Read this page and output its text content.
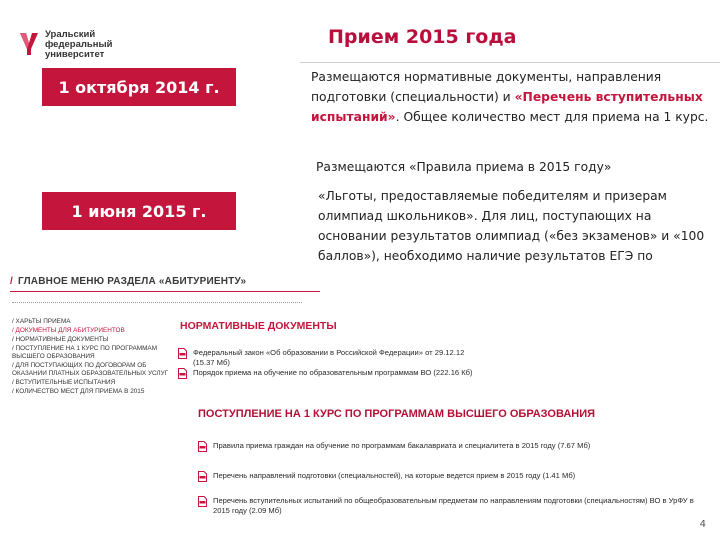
Уральский
федеральный
университет
Прием 2015 года
1 октября 2014 г.
1 июня 2015 г.
Размещаются нормативные документы, направления подготовки (специальности) и «Перечень вступительных испытаний». Общее количество мест для приема на 1 курс.
Размещаются «Правила приема в 2015 году»
«Льготы, предоставляемые победителям и призерам олимпиад школьников». Для лиц, поступающих на основании результатов олимпиад («без экзаменов» и «100 баллов»), необходимо наличие результатов ЕГЭ по
/ ГЛАВНОЕ МЕНЮ РАЗДЕЛА «АБИТУРИЕНТУ»
/ ХАРЬТЫ ПРИЕМА
/ ДОКУМЕНТЫ ДЛЯ АБИТУРИЕНТОВ
/ НОРМАТИВНЫЕ ДОКУМЕНТЫ
/ ПОСТУПЛЕНИЕ НА 1 КУРС ПО ПРОГРАММАМ ВЫСШЕГО ОБРАЗОВАНИЯ
/ ДЛЯ ПОСТУПАЮЩИХ ПО ДОГОВОРАМ ОБ ОКАЗАНИИ ПЛАТНЫХ ОБРАЗОВАТЕЛЬНЫХ УСЛУГ
/ ВСТУПИТЕЛЬНЫЕ ИСПЫТАНИЯ
/ КОЛИЧЕСТВО МЕСТ ДЛЯ ПРИЕМА В 2015
НОРМАТИВНЫЕ ДОКУМЕНТЫ
Федеральный закон «Об образовании в Российской Федерации» от 29.12.12 (15.37 Мб)
Порядок приема на обучение по образовательным программам ВО (222.16 Кб)
ПОСТУПЛЕНИЕ НА 1 КУРС ПО ПРОГРАММАМ ВЫСШЕГО ОБРАЗОВАНИЯ
Правила приема граждан на обучение по программам бакалавриата и специалитета в 2015 году (7.67 Мб)
Перечень направлений подготовки (специальностей), на которые ведется прием в 2015 году (1.41 Мб)
Перечень вступительных испытаний по общеобразовательным предметам по направлениям подготовки (специальностям) ВО в УрФУ в 2015 году (2.09 Мб)
4
